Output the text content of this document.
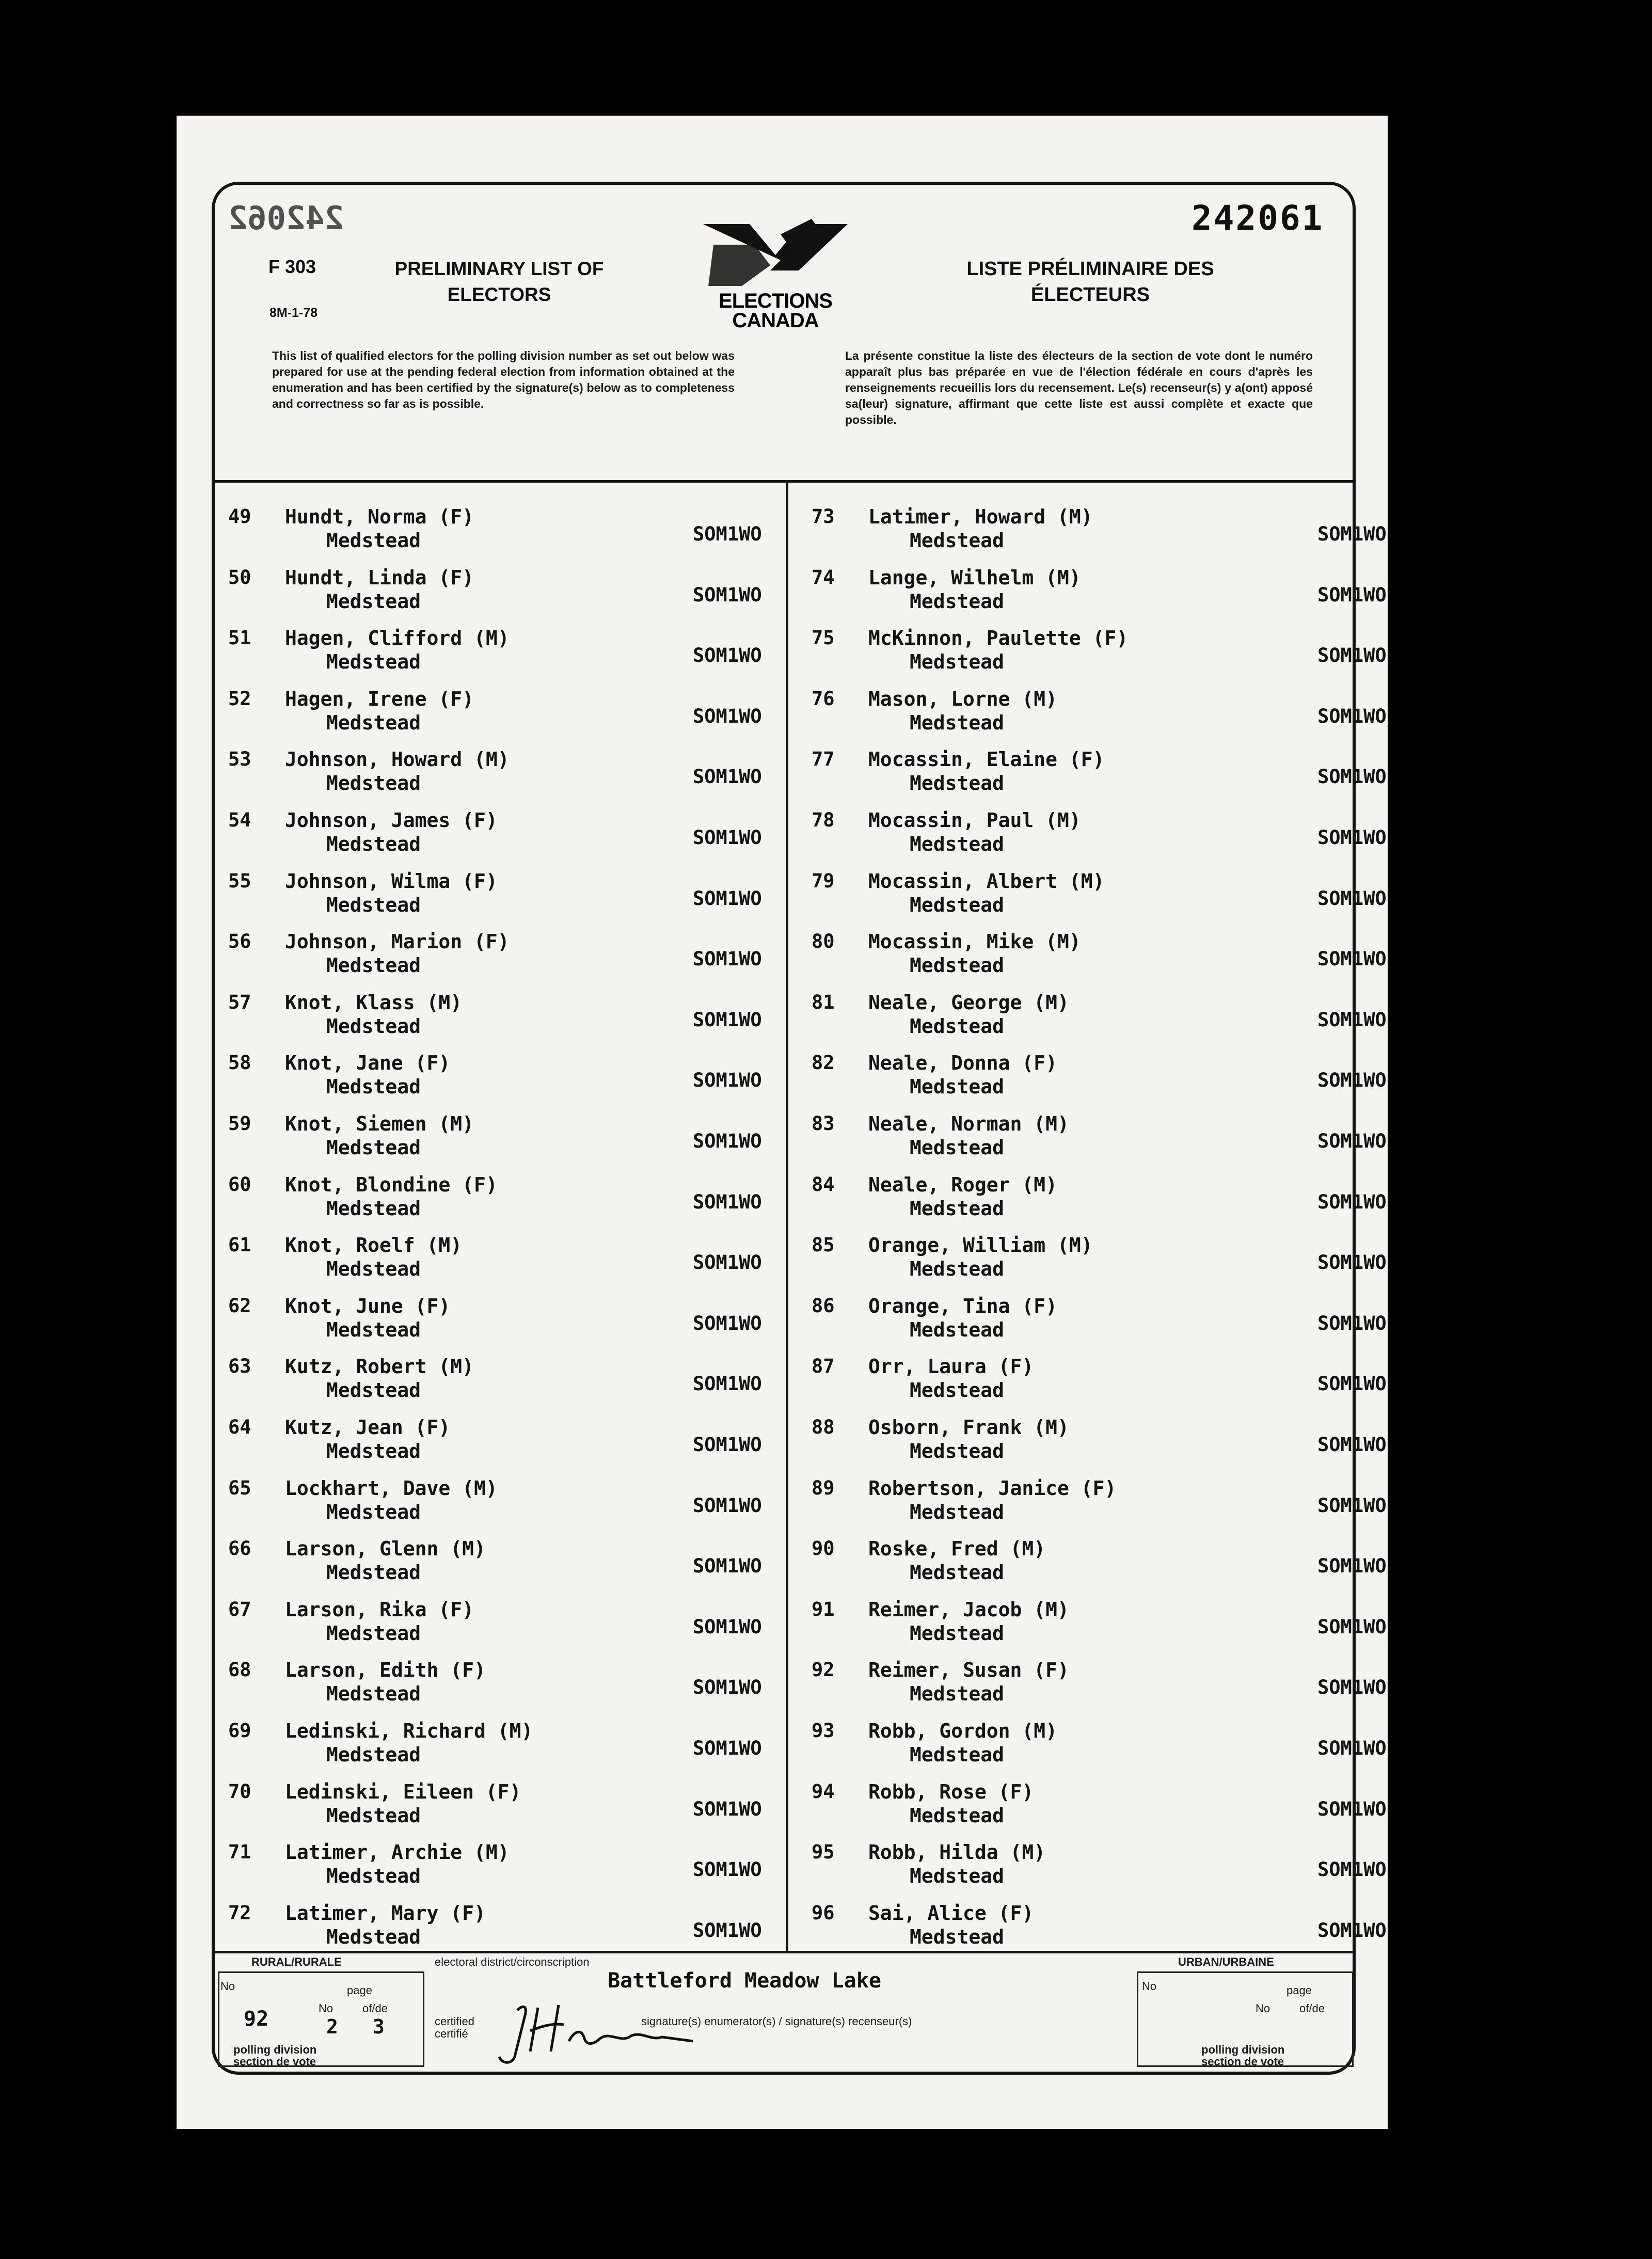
242062	242061
F 303
8M-1-78
PRELIMINARY LIST OF
ELECTORS	ELECTIONS
CANADA
LISTE PRÉLIMINAIRE DES
ÉLECTEURS
This list of qualified electors for the polling division number as set out below was prepared for use at the pending federal election from information obtained at the enumeration and has been certified by the signature(s) below as to completeness and correctness so far as is possible.
La présente constitue la liste des électeurs de la section de vote dont le numéro apparaît plus bas préparée en vue de l'élection fédérale en cours d'après les renseignements recueillis lors du recensement. Le(s) recenseur(s) y a(ont) apposé sa(leur) signature, affirmant que cette liste est aussi complète et exacte que possible.
49 Hundt, Norma (F)
Medstead	SOM1WO
50 Hundt, Linda (F)
Medstead	SOM1WO
51 Hagen, Clifford (M)
Medstead	SOM1WO
52 Hagen, Irene (F)
Medstead	SOM1WO
53 Johnson, Howard (M)
Medstead	SOM1WO
54 Johnson, James (F)
Medstead	SOM1WO
55 Johnson, Wilma (F)
Medstead	SOM1WO
56 Johnson, Marion (F)
Medstead	SOM1WO
57 Knot, Klass (M)
Medstead	SOM1WO
58 Knot, Jane (F)
Medstead	SOM1WO
59 Knot, Siemen (M)
Medstead	SOM1WO
60 Knot, Blondine (F)
Medstead	SOM1WO
61 Knot, Roelf (M)
Medstead	SOM1WO
62 Knot, June (F)
Medstead	SOM1WO
63 Kutz, Robert (M)
Medstead	SOM1WO
64 Kutz, Jean (F)
Medstead	SOM1WO
65 Lockhart, Dave (M)
Medstead	SOM1WO
66 Larson, Glenn (M)
Medstead	SOM1WO
67 Larson, Rika (F)
Medstead	SOM1WO
68 Larson, Edith (F)
Medstead	SOM1WO
69 Ledinski, Richard (M)
Medstead	SOM1WO
70 Ledinski, Eileen (F)
Medstead	SOM1WO
71 Latimer, Archie (M)
Medstead	SOM1WO
72 Latimer, Mary (F)
Medstead	SOM1WO
73 Latimer, Howard (M)
Medstead	SOM1WO
74 Lange, Wilhelm (M)
Medstead	SOM1WO
75 McKinnon, Paulette (F)
Medstead	SOM1WO
76 Mason, Lorne (M)
Medstead	SOM1WO
77 Mocassin, Elaine (F)
Medstead	SOM1WO
78 Mocassin, Paul (M)
Medstead	SOM1WO
79 Mocassin, Albert (M)
Medstead	SOM1WO
80 Mocassin, Mike (M)
Medstead	SOM1WO
81 Neale, George (M)
Medstead	SOM1WO
82 Neale, Donna (F)
Medstead	SOM1WO
83 Neale, Norman (M)
Medstead	SOM1WO
84 Neale, Roger (M)
Medstead	SOM1WO
85 Orange, William (M)
Medstead	SOM1WO
86 Orange, Tina (F)
Medstead	SOM1WO
87 Orr, Laura (F)
Medstead	SOM1WO
88 Osborn, Frank (M)
Medstead	SOM1WO
89 Robertson, Janice (F)
Medstead	SOM1WO
90 Roske, Fred (M)
Medstead	SOM1WO
91 Reimer, Jacob (M)
Medstead	SOM1WO
92 Reimer, Susan (F)
Medstead	SOM1WO
93 Robb, Gordon (M)
Medstead	SOM1WO
94 Robb, Rose (F)
Medstead	SOM1WO
95 Robb, Hilda (M)
Medstead	SOM1WO
96 Sai, Alice (F)
Medstead	SOM1WO
RURAL/RURALE	electoral district/circonscription	URBAN/URBAINE
No	page
No	of/de
92	2 3
polling division
section de vote
Battleford Meadow Lake
certified
certifié
signature(s) enumerator(s) / signature(s) recenseur(s)
No	page
No	of/de
polling division
section de vote
